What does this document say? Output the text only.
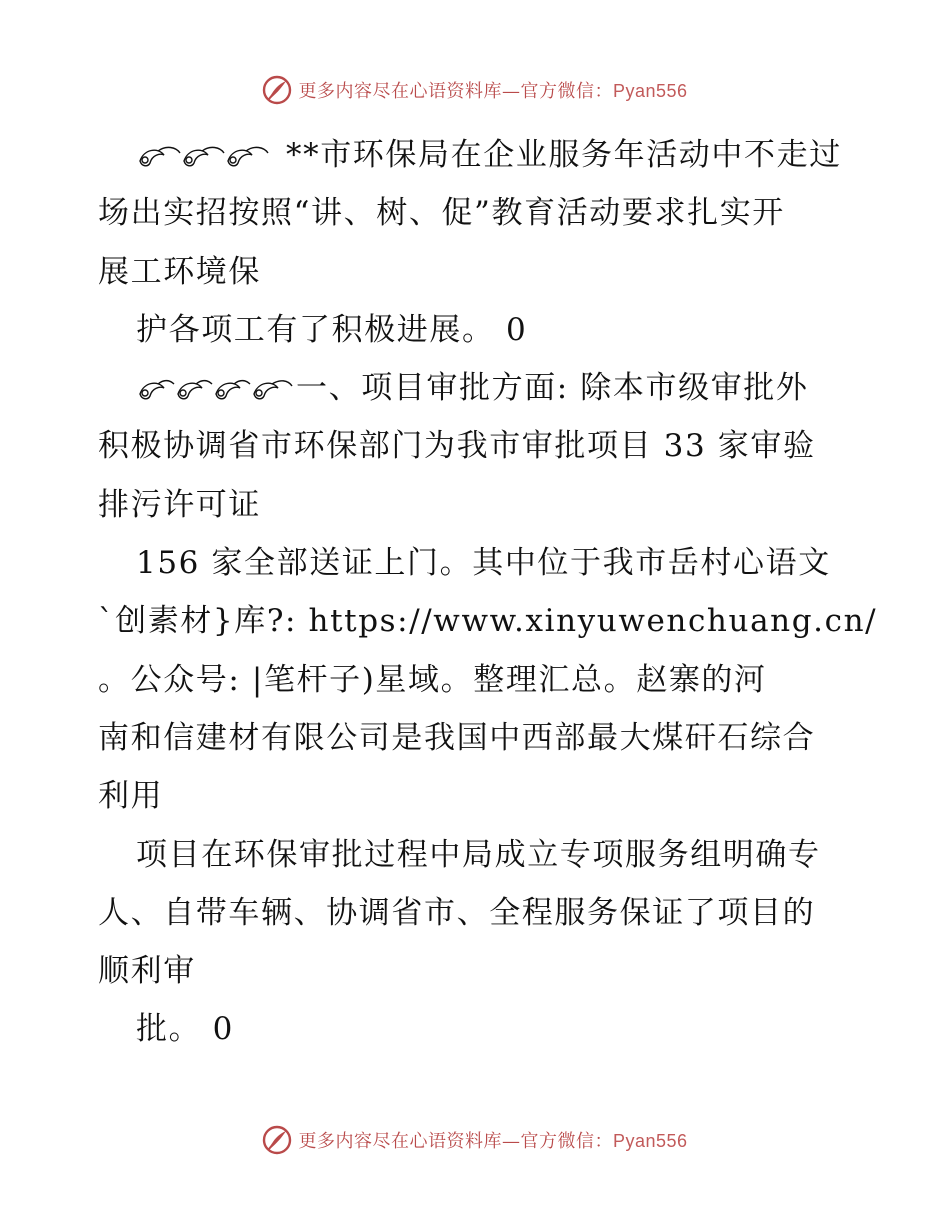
更多内容尽在心语资料库—官方微信：Pyan556
**市环保局在企业服务年活动中不走过
场出实招按照“讲、树、促”教育活动要求扎实开
展工环境保
护各项工有了积极进展。 0
一、项目审批方面: 除本市级审批外
积极协调省市环保部门为我市审批项目 33 家审验
排污许可证
156 家全部送证上门。其中位于我市岳村心语文
`创素材}库?: https://www.xinyuwenchuang.cn/
。公众号: |笔杆子)星域。整理汇总。赵寨的河
南和信建材有限公司是我国中西部最大煤矸石综合
利用
项目在环保审批过程中局成立专项服务组明确专
人、自带车辆、协调省市、全程服务保证了项目的
顺利审
批。 0
更多内容尽在心语资料库—官方微信：Pyan556
